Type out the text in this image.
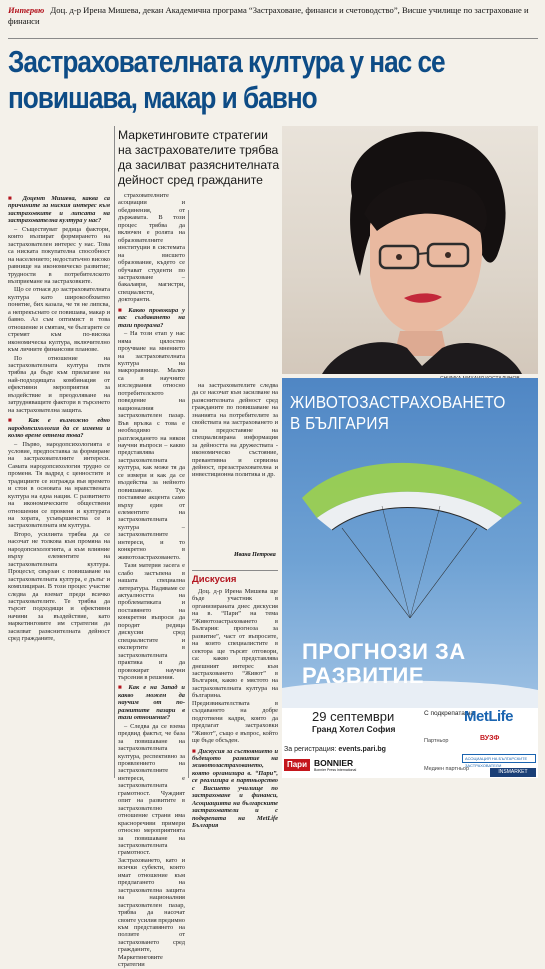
Интервю Доц. д-р Ирена Мишева, декан Академична програма “Застраховане, финанси и счетоводство”, Висше училище по застраховане и финанси
Застрахователната култура у нас се повишава, макар и бавно
Маркетинговите стратегии на застрахователите трябва да засилват разяснителната дейност сред гражданите

■ Доцент Мишева, каква са причините за ниския интерес към застраховките и липсата на застрахователна култура у нас?

– Съществуват редица фактори, които възпират формирането на застрахователен интерес у нас. Това са ниската покупателна способност на населението; недостатъчно високо равнище на икономическо развитие; трудности в потребителското възприемане на застраховките.

Що се отнася до застрахователната култура като широкообхватно понятие, бих казала, че тя не липсва, а непрекъснато се повишава, макар и бавно. Аз съм оптимист в това отношение и смятам, че българите се стремят към по-висока икономическа култура, включително към личните финансови планове.

По отношение на застрахователната култура пътя трябва да бъде към прилагане на най-подходящата комбинация от ефективни мероприятия за въздействие и преодоляване на затрудняващите фактори в търсенето на застрахователна защита.

■ Как е възможно едно народопсихология да се измени и колко време отнема това?

– Първо, народопсихологията е условие, предпоставка за формиране на застрахователните интереси. Самата народопсихология трудно се променя. Тя вадред с ценностите и традициите се изгражда във времето и стои в основата на нравствената култура на една нация. С развитието на икономическите обществени отношения се променя и културата на хората, усъвършенства се и застрахователната им култура.

Второ, усилията трябва да се насочат не толкова към промяна на народопсихологията, а към влияние върху елементите на застрахователната култура. Процесът, свързан с повишаване на застрахователната култура, е дълъг и комплициран. В този процес участие следва да вземат преди всичко застрахователите. Те трябва да търсят подходящи и ефективни начини за въздействие, като маркетинговите им стратегии да засилват разяснителната дейност сред гражданите,

страхователните асоциации и обединения, от държавата. В този процес трябва да включен е ролята на образователните институции в системата на висшето образование, където се обучават студенти по застраховане – бакалаври, магистри, специалисти, докторанти.

■ Какво провокира у вас създаването на тази програма?

– На този етап у нас няма цялостно проучване на мнението на застрахователната култура на макроравнище. Малко са и научните изследвания относно потребителското поведение на националния застрахователен пазар. Във връзка с това е необходимо разглеждането на някои научни въпроси – какво представлява застрахователната култура, как може тя да се измери и как да се въздейства за нейното повишаване. Тук поставяме акцента само върху един от елементите на застрахователната култура – застрахователните интереси, и то конкретно в животозастраховането.

Тази материя засега е слабо застъпена в нашата специална литература. Надяваме се актуалността на проблематиката и поставянето на конкретни въпроси да породят редица дискусии сред специалистите и експертите в застрахователната практика и да провокират научни търсения в решения.

■ Как е на Запад и какво можем да научим от по-развитите пазари в тази отношение?

– Следва да се взема предвид фактът, че база за повишаване на застрахователната култура, респективно за проявлението на застрахователните интереси, е застрахователната грамотност. Чуждият опит на развитите в застрахователно отношение страни има красноречиви примери относно мероприятията за повишаване на застрахователната грамотност. Застраховането, като и всички субекти, които имат отношение към предлагането на застрахователна защита на националния застрахователен пазар, трябва да насочат своите усилия предимно към представянето на ползите от застраховането сред гражданите, Маркетинговите стратегии

на застрахователите следва да се насочат към засилване на разяснителната дейност сред гражданите по повишаване на знанията на потребителите за свойствата на застраховането и за предоставяне на специализирана информация за дейността на дружествата - икономическо състояние, превантивна и сервизна дейност, презастрахователна и инвестиционна политика и др.

Ивана Петрова
Дискусия

Доц. д-р Ирена Мишева ще бъде участник в организираната днес дискусия на в. “Пари” на тема “Животозастраховането в България: прогноза за развитие”, част от въпросите, на които специалистите в сектора ще търсят отговори, са: какво представлява днешният интерес към застраховането “Живот” в България, какво е мястото на застрахователната култура на българина. Предизвикателствата в създаването на добре подготвени кадри, които да предлагат застраховки “Живот”, също е въпрос, който ще бъде обсъден.

■ Дискусия за състоянието и бъдещото развитие на животозастраховането, която организира в. “Пари”, се реализира в партньорство с Висшето училище по застраховане и финанси, Асоциацията на българските застрахователи и с подкрепата на MetLife България

ЖИВОТОЗАСТРАХОВАНЕТО В БЪЛГАРИЯ
ПРОГНОЗИ ЗА РАЗВИТИЕ
29 септември
Гранд Хотел София
С подкрепата на
MetLife
Партньор	ВУЗФ
АСОЦИАЦИЯ НА БЪЛГАРСКИТЕ ЗАСТРАХОВАТЕЛИ
Медиен партньор	INSMARKET
За регистрация: events.pari.bg
Пари BONNIER
Bonnier Press International
